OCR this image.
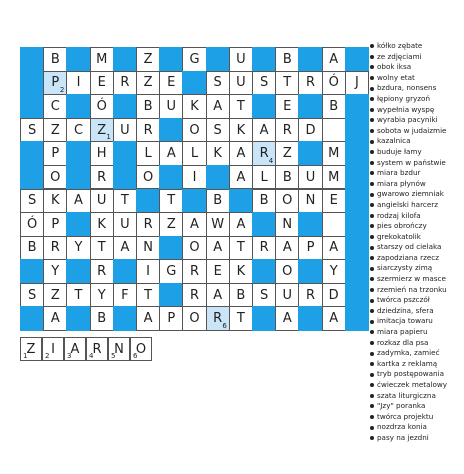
B	M	Z	G	U	B	A
P 2 I E R Z E	S U S T R Ó J
C	Ó	B U K A T	E	B
S Z C Z 1 U R	O S K A R D
P	H	L A L K A R 4 Z	M
O	R	O	I	A L B U M
S K A U T	T	B	B O N E
Ó P	K U R Z A W A	N
B R Y T A N	O A T R A P A
Y	R	I G R E K	O	Y
S Z T Y F T	R A B S U R D
A	B	A P O R 6 T	A	A
Z
1 I
2 A
3 R
4 N
5 O
6
kółko zębate
ze zdjęciami
obok iksa
wolny etat
bzdura, nonsens
łępiony gryzoń
wypełnia wyspę
wyrabia pacyniki
sobota w judaizmie
kazalnica
buduje łamy
system w państwie
miara bzdur
miara płynów
gwarowo ziemniak
angielski harcerz
rodzaj kilofa
pies obrończy
grekokatolik
starszy od cielaka
zapodziana rzecz
siarczysty zimą
szermierz w masce
rzemień na trzonku
twórca pszczół
dziedzina, sfera
imitacja towaru
miara papieru
rozkaz dla psa
zadymka, zamieć
kartka z reklamą
tryb postępowania
ćwieczek metalowy
szata liturgiczna
"Jzy" poranka
twórca projektu
nozdrza konia
pasy na jezdni
